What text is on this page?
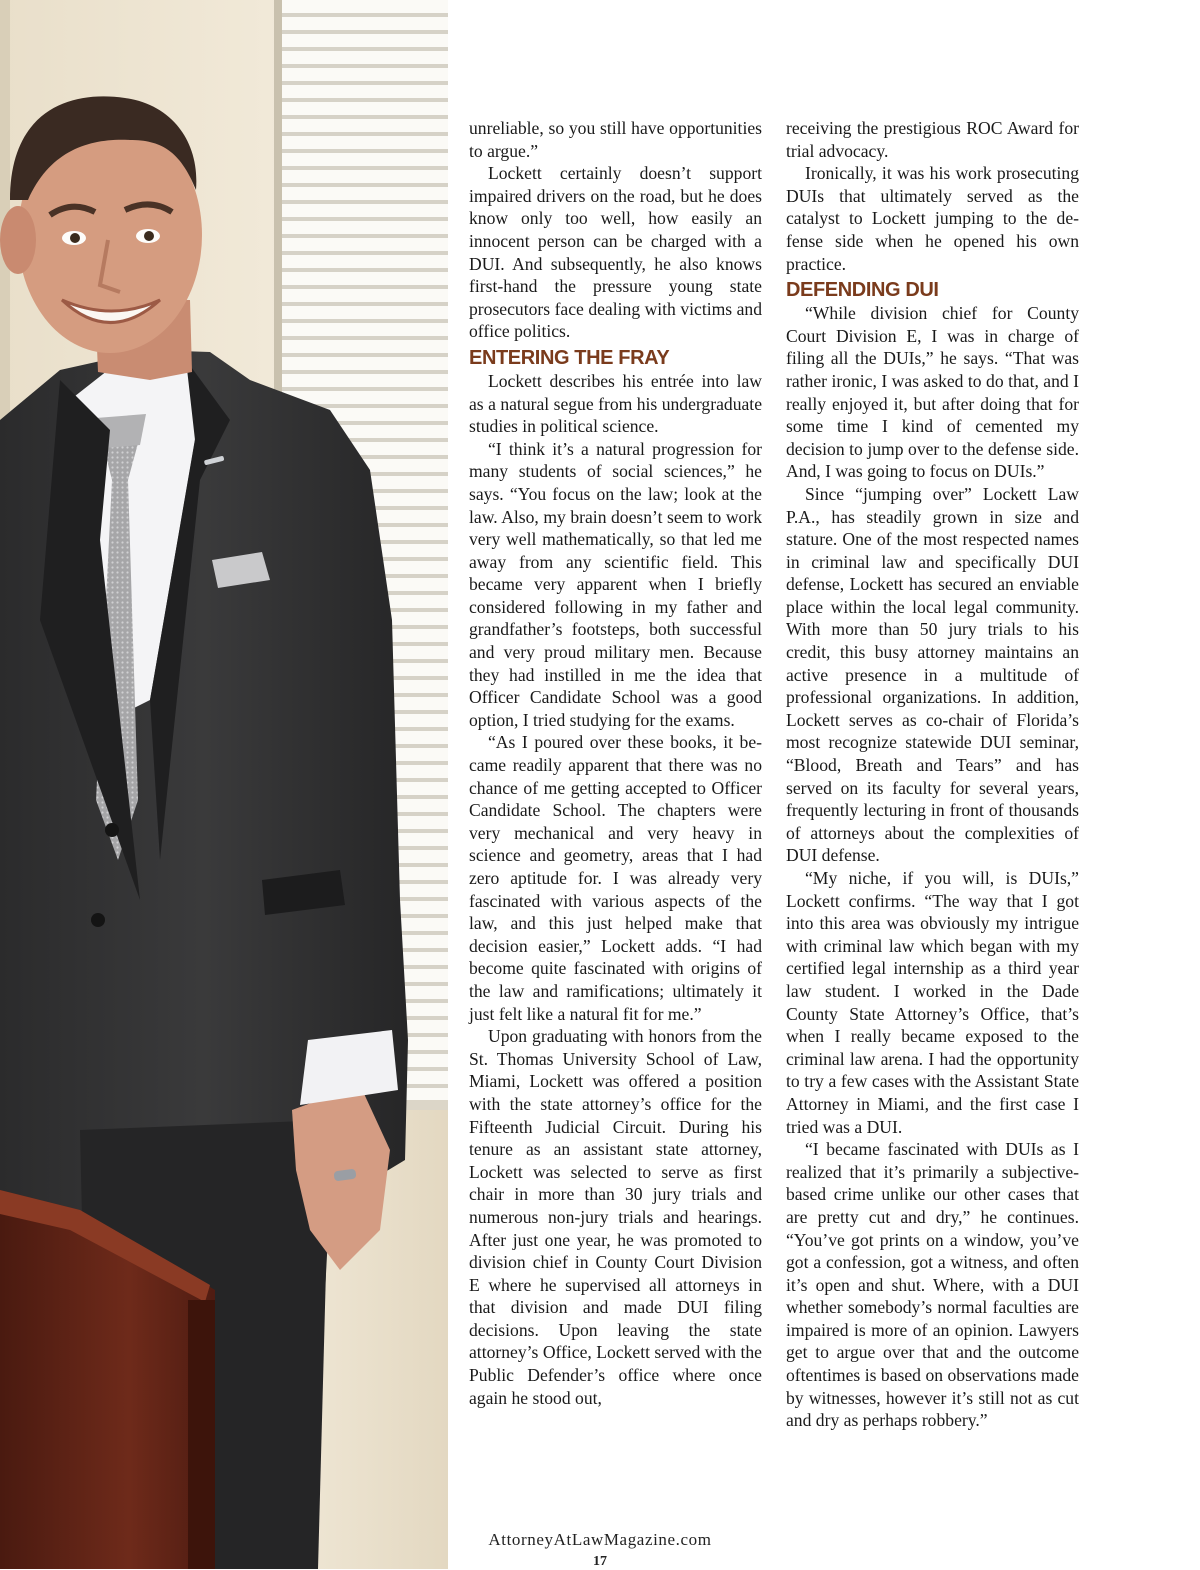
unreliable, so you still have opportunities to argue.”

Lockett certainly doesn’t support impaired drivers on the road, but he does know only too well, how easily an innocent person can be charged with a DUI. And subsequently, he also knows first-hand the pressure young state prosecutors face dealing with victims and office politics.

ENTERING THE FRAY

Lockett describes his entrée into law as a natural segue from his undergraduate studies in political science.

“I think it’s a natural progression for many students of social sciences,” he says. “You focus on the law; look at the law. Also, my brain doesn’t seem to work very well mathematically, so that led me away from any scientific field. This became very apparent when I briefly considered following in my father and grandfather’s footsteps, both successful and very proud military men. Because they had instilled in me the idea that Officer Candidate School was a good option, I tried studying for the exams.

“As I poured over these books, it became readily apparent that there was no chance of me getting accepted to Officer Candidate School. The chapters were very mechanical and very heavy in science and geometry, areas that I had zero aptitude for. I was already very fascinated with various aspects of the law, and this just helped make that decision easier,” Lockett adds. “I had become quite fascinated with origins of the law and ramifications; ultimately it just felt like a natural fit for me.”

Upon graduating with honors from the St. Thomas University School of Law, Miami, Lockett was offered a position with the state attorney’s office for the Fifteenth Judicial Circuit. During his tenure as an assistant state attorney, Lockett was selected to serve as first chair in more than 30 jury trials and numerous non-jury trials and hearings. After just one year, he was promoted to division chief in County Court Division E where he supervised all attorneys in that division and made DUI filing decisions. Upon leaving the state attorney’s Office, Lockett served with the Public Defender’s office where once again he stood out,

receiving the prestigious ROC Award for trial advocacy.

Ironically, it was his work prosecuting DUIs that ultimately served as the catalyst to Lockett jumping to the defense side when he opened his own practice.

DEFENDING DUI

“While division chief for County Court Division E, I was in charge of filing all the DUIs,” he says. “That was rather ironic, I was asked to do that, and I really enjoyed it, but after doing that for some time I kind of cemented my decision to jump over to the defense side. And, I was going to focus on DUIs.”

Since “jumping over” Lockett Law P.A., has steadily grown in size and stature. One of the most respected names in criminal law and specifically DUI defense, Lockett has secured an enviable place within the local legal community. With more than 50 jury trials to his credit, this busy attorney maintains an active presence in a multitude of professional organizations. In addition, Lockett serves as co-chair of Florida’s most recognize statewide DUI seminar, “Blood, Breath and Tears” and has served on its faculty for several years, frequently lecturing in front of thousands of attorneys about the complexities of DUI defense.

“My niche, if you will, is DUIs,” Lockett confirms. “The way that I got into this area was obviously my intrigue with criminal law which began with my certified legal internship as a third year law student. I worked in the Dade County State Attorney’s Office, that’s when I really became exposed to the criminal law arena. I had the opportunity to try a few cases with the Assistant State Attorney in Miami, and the first case I tried was a DUI.

“I became fascinated with DUIs as I realized that it’s primarily a subjective-based crime unlike our other cases that are pretty cut and dry,” he continues. “You’ve got prints on a window, you’ve got a confession, got a witness, and often it’s open and shut. Where, with a DUI whether somebody’s normal faculties are impaired is more of an opinion. Lawyers get to argue over that and the outcome oftentimes is based on observations made by witnesses, however it’s still not as cut and dry as perhaps robbery.”

AttorneyAtLawMagazine.com
17
